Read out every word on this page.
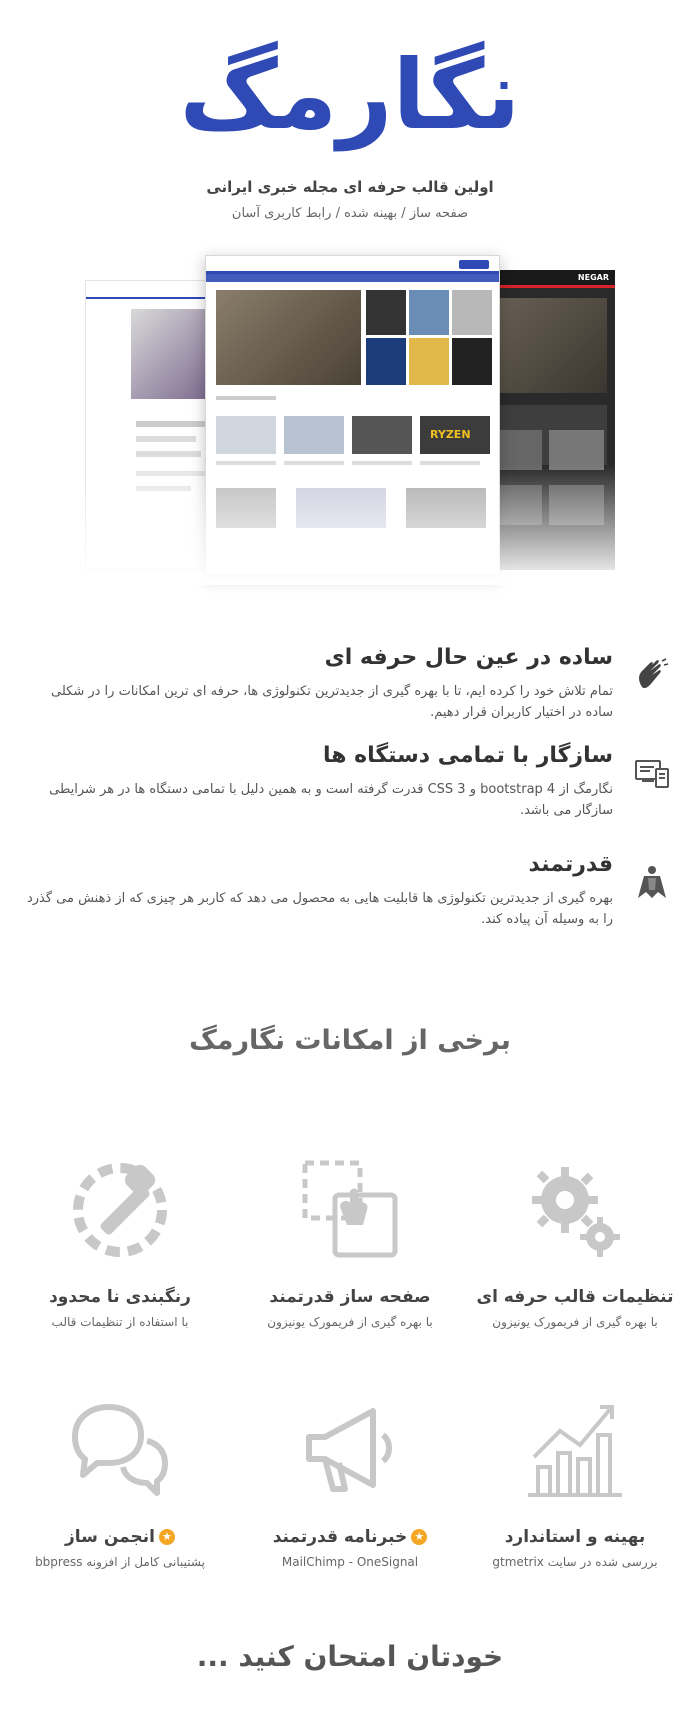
نگارمگ
اولین قالب حرفه ای مجله خبری ایرانی
صفحه ساز / بهینه شده / رابط کاربری آسان
NEGAR
RYZEN
ساده در عین حال حرفه ای
تمام تلاش خود را کرده ایم، تا با بهره گیری از جدیدترین تکنولوژی ها، حرفه ای ترین امکانات را در شکلی ساده در اختیار کاربران قرار دهیم.
سازگار با تمامی دستگاه ها
نگارمگ از bootstrap 4 و CSS 3 قدرت گرفته است و به همین دلیل با تمامی دستگاه ها در هر شرایطی سازگار می باشد.
قدرتمند
بهره گیری از جدیدترین تکنولوژی ها قابلیت هایی به محصول می دهد که کاربر هر چیزی که از ذهنش می گذرد را به وسیله آن پیاده کند.
برخی از امکانات نگارمگ
تنظیمات قالب حرفه ای
با بهره گیری از فریمورک یونیزون
صفحه ساز قدرتمند
با بهره گیری از فریمورک یونیزون
رنگبندی نا محدود
با استفاده از تنظیمات قالب
بهینه و استاندارد
بررسی شده در سایت gtmetrix
★خبرنامه قدرتمند
MailChimp - OneSignal
★انجمن ساز
پشتیبانی کامل از افزونه bbpress
خودتان امتحان کنید ...
